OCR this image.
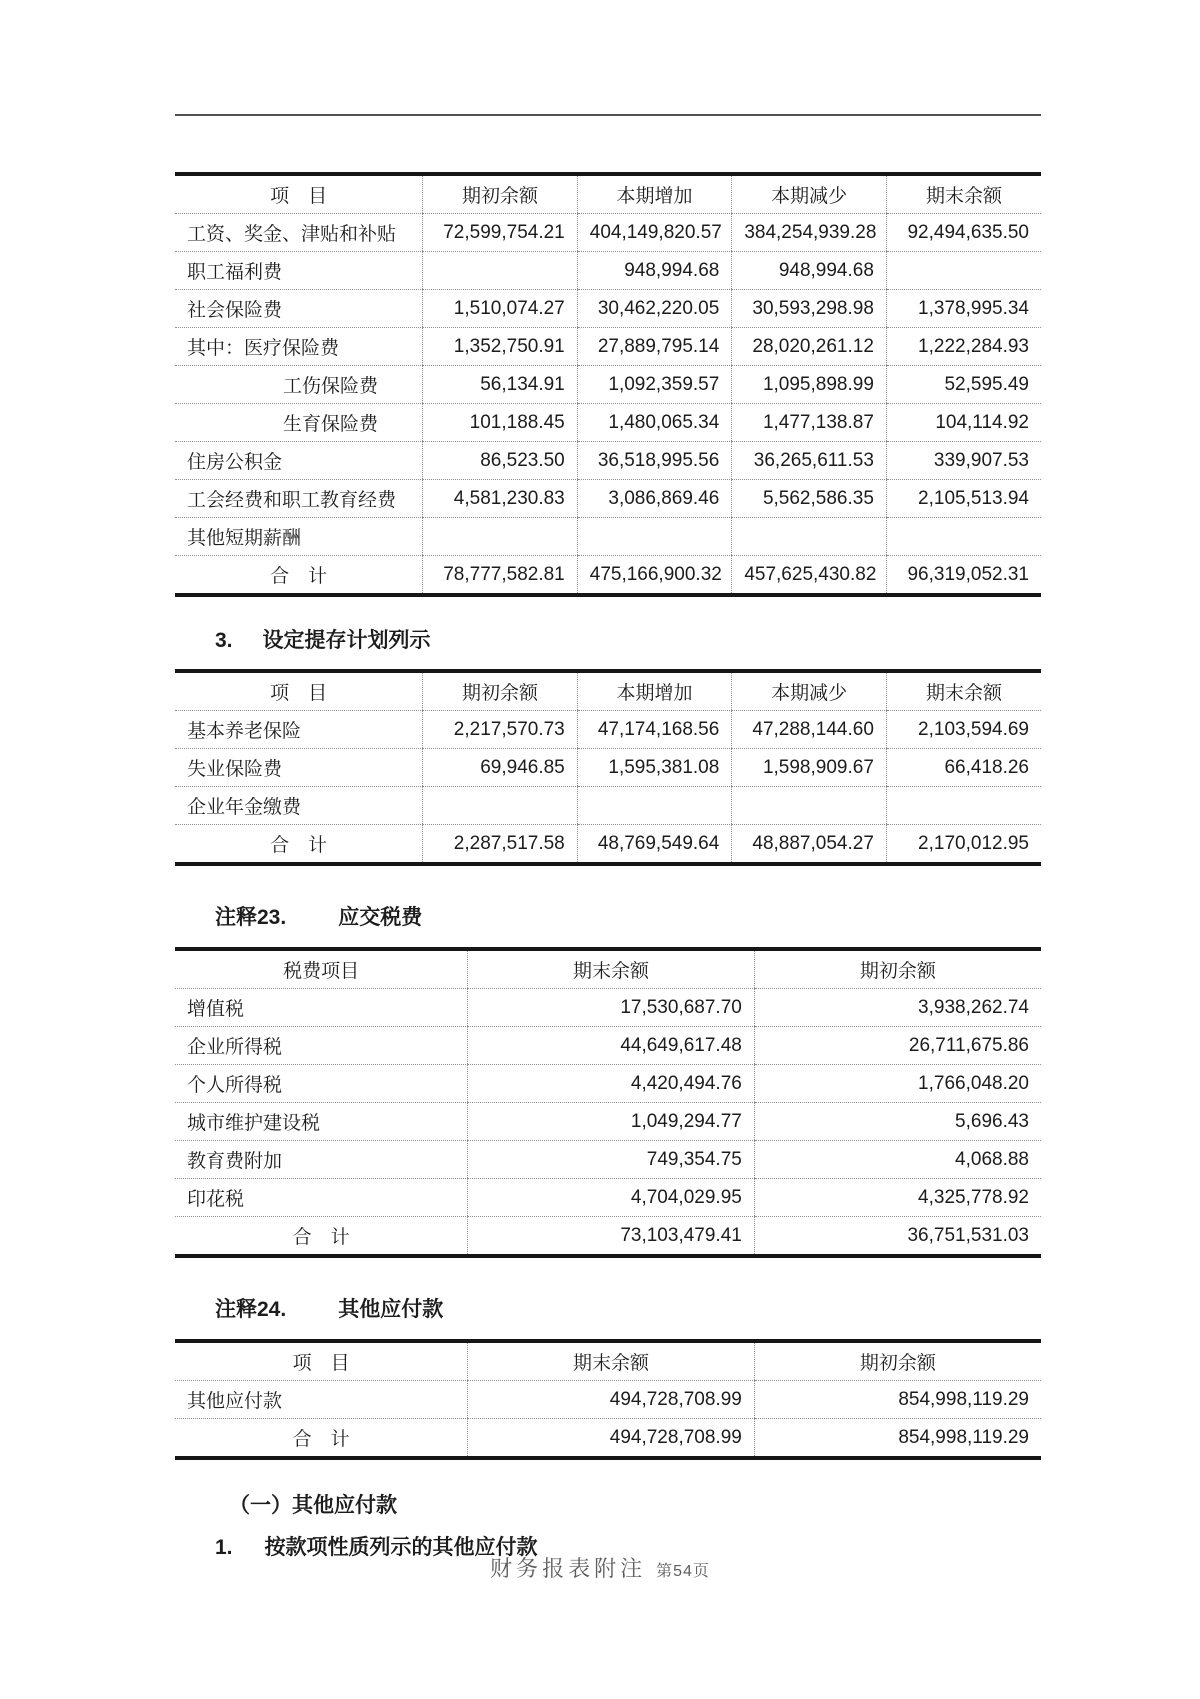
项　目	期初余额	本期增加	本期减少	期末余额
工资、奖金、津贴和补贴	72,599,754.21	404,149,820.57	384,254,939.28	92,494,635.50
职工福利费		948,994.68	948,994.68	
社会保险费	1,510,074.27	30,462,220.05	30,593,298.98	1,378,995.34
其中：医疗保险费	1,352,750.91	27,889,795.14	28,020,261.12	1,222,284.93
工伤保险费	56,134.91	1,092,359.57	1,095,898.99	52,595.49
生育保险费	101,188.45	1,480,065.34	1,477,138.87	104,114.92
住房公积金	86,523.50	36,518,995.56	36,265,611.53	339,907.53
工会经费和职工教育经费	4,581,230.83	3,086,869.46	5,562,586.35	2,105,513.94
其他短期薪酬				
合　计	78,777,582.81	475,166,900.32	457,625,430.82	96,319,052.31
3. 设定提存计划列示
项　目	期初余额	本期增加	本期减少	期末余额
基本养老保险	2,217,570.73	47,174,168.56	47,288,144.60	2,103,594.69
失业保险费	69,946.85	1,595,381.08	1,598,909.67	66,418.26
企业年金缴费				
合　计	2,287,517.58	48,769,549.64	48,887,054.27	2,170,012.95
注释23. 应交税费
税费项目	期末余额	期初余额
增值税	17,530,687.70	3,938,262.74
企业所得税	44,649,617.48	26,711,675.86
个人所得税	4,420,494.76	1,766,048.20
城市维护建设税	1,049,294.77	5,696.43
教育费附加	749,354.75	4,068.88
印花税	4,704,029.95	4,325,778.92
合　计	73,103,479.41	36,751,531.03
注释24. 其他应付款
项　目	期末余额	期初余额
其他应付款	494,728,708.99	854,998,119.29
合　计	494,728,708.99	854,998,119.29
（一）其他应付款
1. 按款项性质列示的其他应付款
财务报表附注 第54页
